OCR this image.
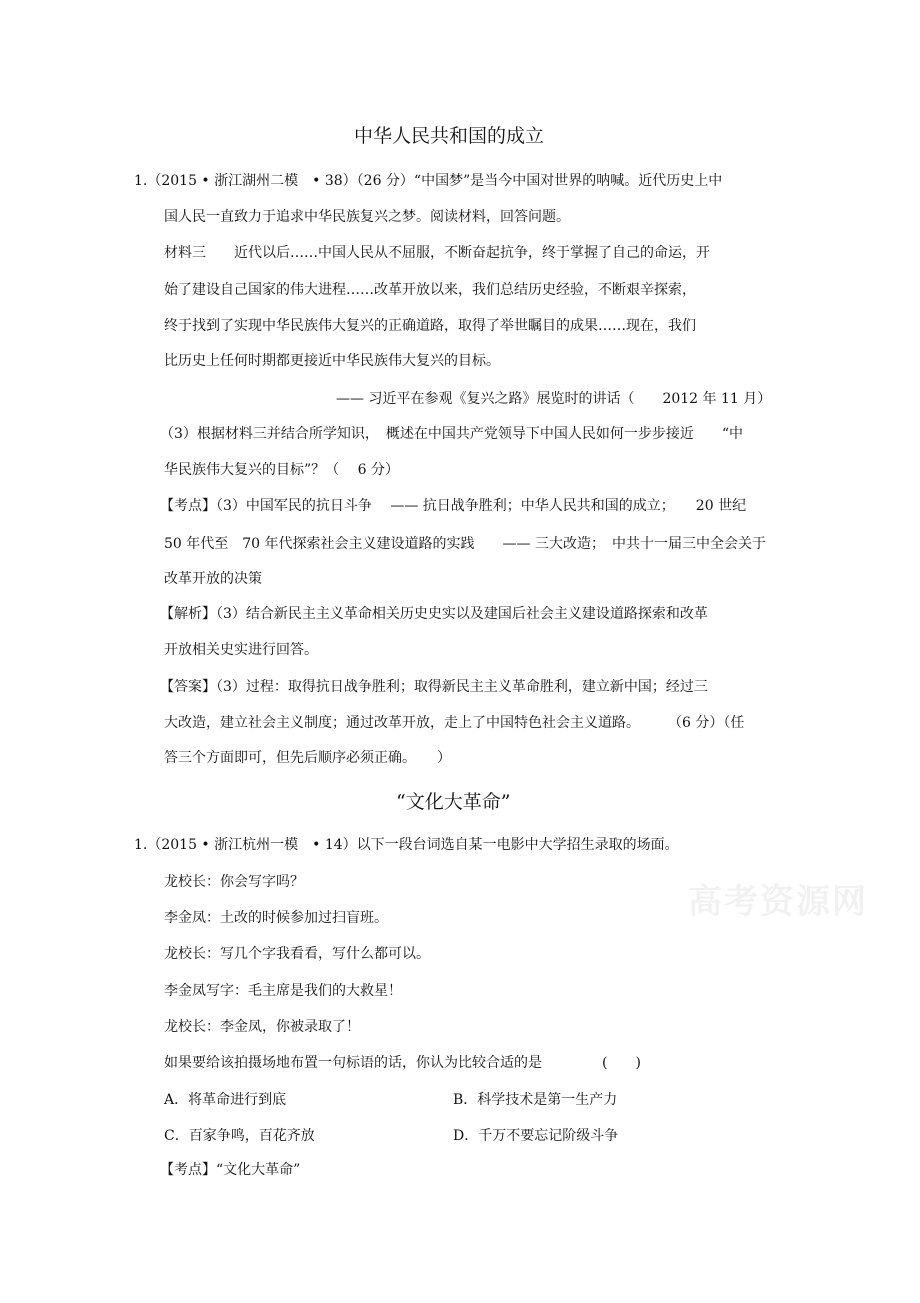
中华人民共和国的成立
1.（2015 • 浙江湖州二模　• 38）（26 分）“中国梦”是当今中国对世界的呐喊。近代历史上中
国人民一直致力于追求中华民族复兴之梦。阅读材料，回答问题。
材料三　　近代以后……中国人民从不屈服，不断奋起抗争，终于掌握了自己的命运，开
始了建设自己国家的伟大进程……改革开放以来，我们总结历史经验，不断艰辛探索，
终于找到了实现中华民族伟大复兴的正确道路，取得了举世瞩目的成果……现在，我们
比历史上任何时期都更接近中华民族伟大复兴的目标。
—— 习近平在参观《复兴之路》展览时的讲话（　　2012 年 11 月）
（3）根据材料三并结合所学知识，　概述在中国共产党领导下中国人民如何一步步接近　　“中
华民族伟大复兴的目标”？（　 6 分）
【考点】（3）中国军民的抗日斗争　 —— 抗日战争胜利；中华人民共和国的成立；　　20 世纪
50 年代至　70 年代探索社会主义建设道路的实践　　—— 三大改造；　中共十一届三中全会关于
改革开放的决策
【解析】（3）结合新民主主义革命相关历史史实以及建国后社会主义建设道路探索和改革
开放相关史实进行回答。
【答案】（3）过程：取得抗日战争胜利；取得新民主主义革命胜利，建立新中国；经过三
大改造，建立社会主义制度；通过改革开放，走上了中国特色社会主义道路。　　　（6 分）（任
答三个方面即可，但先后顺序必须正确。　　）
“文化大革命”
1.（2015 • 浙江杭州一模　• 14）以下一段台词选自某一电影中大学招生录取的场面。
龙校长：你会写字吗？
李金凤：土改的时候参加过扫盲班。
龙校长：写几个字我看看，写什么都可以。
李金凤写字：毛主席是我们的大救星！
龙校长：李金凤，你被录取了！
如果要给该拍摄场地布置一句标语的话，你认为比较合适的是	(　　)
A．将革命进行到底	B．科学技术是第一生产力
C．百家争鸣，百花齐放	D．千万不要忘记阶级斗争
【考点】“文化大革命”
高考资源网
